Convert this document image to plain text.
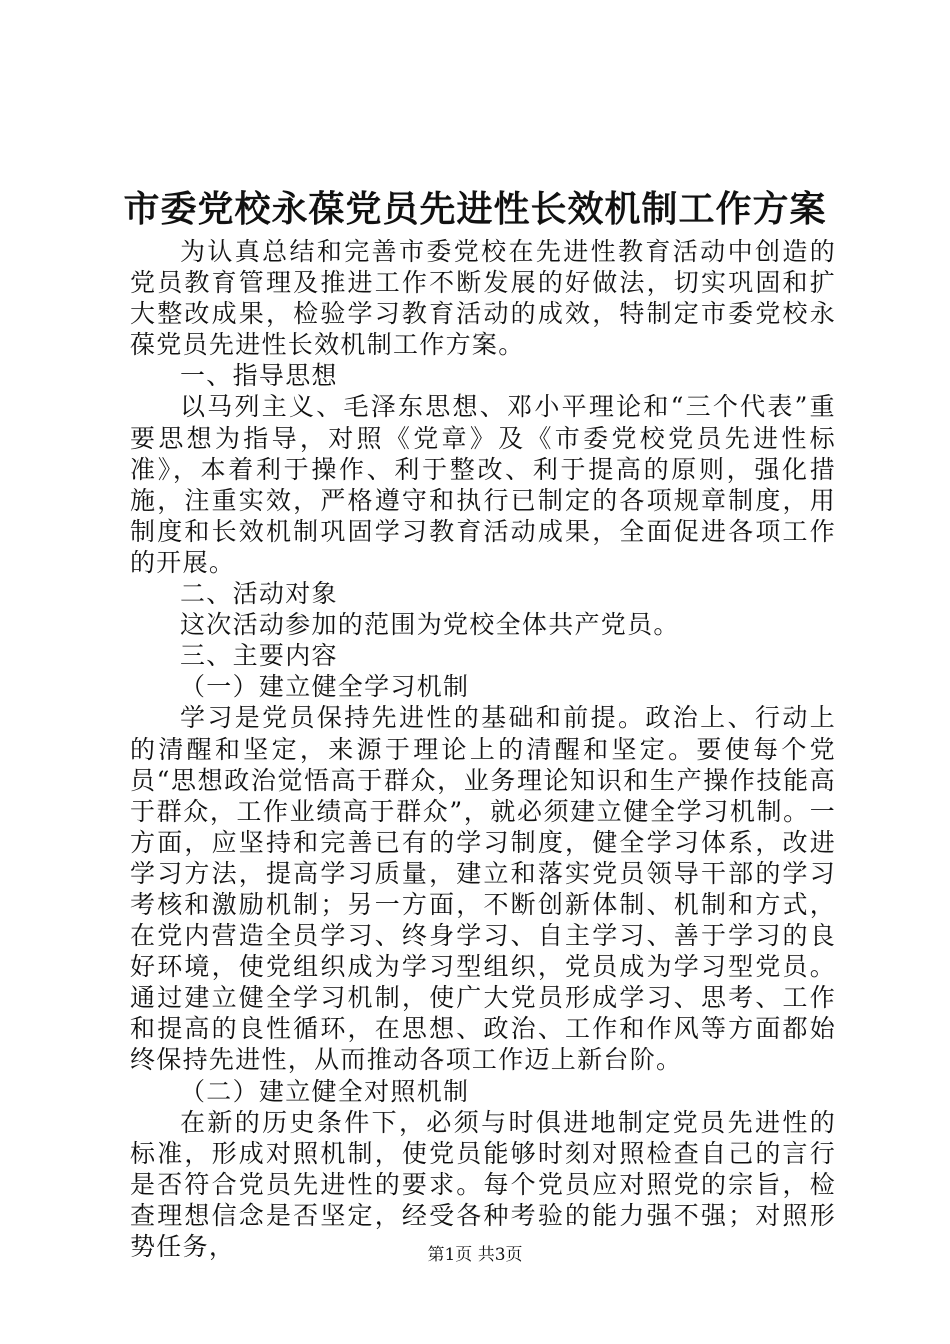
市委党校永葆党员先进性长效机制工作方案

为认真总结和完善市委党校在先进性教育活动中创造的党员教育管理及推进工作不断发展的好做法，切实巩固和扩大整改成果，检验学习教育活动的成效，特制定市委党校永葆党员先进性长效机制工作方案。

一、指导思想

以马列主义、毛泽东思想、邓小平理论和“三个代表”重要思想为指导，对照《党章》及《市委党校党员先进性标准》，本着利于操作、利于整改、利于提高的原则，强化措施，注重实效，严格遵守和执行已制定的各项规章制度，用制度和长效机制巩固学习教育活动成果，全面促进各项工作的开展。

二、活动对象

这次活动参加的范围为党校全体共产党员。

三、主要内容

（一）建立健全学习机制

学习是党员保持先进性的基础和前提。政治上、行动上的清醒和坚定，来源于理论上的清醒和坚定。要使每个党员“思想政治觉悟高于群众，业务理论知识和生产操作技能高于群众，工作业绩高于群众”，就必须建立健全学习机制。一方面，应坚持和完善已有的学习制度，健全学习体系，改进学习方法，提高学习质量，建立和落实党员领导干部的学习考核和激励机制；另一方面，不断创新体制、机制和方式，在党内营造全员学习、终身学习、自主学习、善于学习的良好环境，使党组织成为学习型组织，党员成为学习型党员。通过建立健全学习机制，使广大党员形成学习、思考、工作和提高的良性循环，在思想、政治、工作和作风等方面都始终保持先进性，从而推动各项工作迈上新台阶。

（二）建立健全对照机制

在新的历史条件下，必须与时俱进地制定党员先进性的标准，形成对照机制，使党员能够时刻对照检查自己的言行是否符合党员先进性的要求。每个党员应对照党的宗旨，检查理想信念是否坚定，经受各种考验的能力强不强；对照形势任务，	第1页 共3页
